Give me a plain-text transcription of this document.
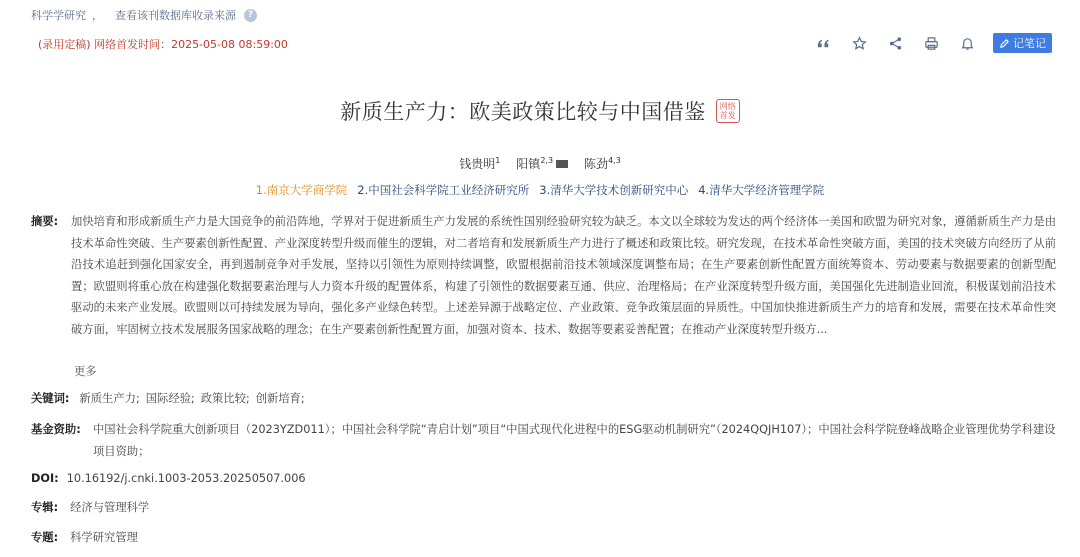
科学学研究 ， 查看该刊数据库收录来源	?
(录用定稿) 网络首发时间：2025-05-08 08:59:00	记笔记
新质生产力：欧美政策比较与中国借鉴	网络首发
钱贵明$^1$ 阳镇$^{2,3}$	陈劲$^{4,3}$
1.南京大学商学院 2.中国社会科学院工业经济研究所 3.清华大学技术创新研究中心 4.清华大学经济管理学院
摘要:	加快培育和形成新质生产力是大国竞争的前沿阵地，学界对于促进新质生产力发展的系统性国别经验研究较为缺乏。本文以全球较为发达的两个经济体一美国和欧盟为研究对象，遵循新质生产力是由技术革命性突破、生产要素创新性配置、产业深度转型升级而催生的逻辑，对二者培育和发展新质生产力进行了概述和政策比较。研究发现，在技术革命性突破方面，美国的技术突破方向经历了从前沿技术追赶到强化国家安全，再到遏制竞争对手发展，坚持以引领性为原则持续调整，欧盟根据前沿技术领域深度调整布局；在生产要素创新性配置方面统筹资本、劳动要素与数据要素的创新型配置；欧盟则将重心放在构建强化数据要素治理与人力资本升级的配置体系，构建了引领性的数据要素互通、供应、治理格局；在产业深度转型升级方面，美国强化先进制造业回流，积极谋划前沿技术驱动的未来产业发展。欧盟则以可持续发展为导向，强化多产业绿色转型。上述差异源于战略定位、产业政策、竞争政策层面的异质性。中国加快推进新质生产力的培育和发展，需要在技术革命性突破方面，牢固树立技术发展服务国家战略的理念；在生产要素创新性配置方面，加强对资本、技术、数据等要素妥善配置；在推动产业深度转型升级方...
更多
关键词: 新质生产力; 国际经验; 政策比较; 创新培育;
基金资助:	中国社会科学院重大创新项目（2023YZD011）；中国社会科学院“青启计划”项目“中国式现代化进程中的ESG驱动机制研究”（2024QQJH107）；中国社会科学院登峰战略企业管理优势学科建设项目资助；
DOI: 10.16192/j.cnki.1003-2053.20250507.006
专辑: 经济与管理科学
专题: 科学研究管理
